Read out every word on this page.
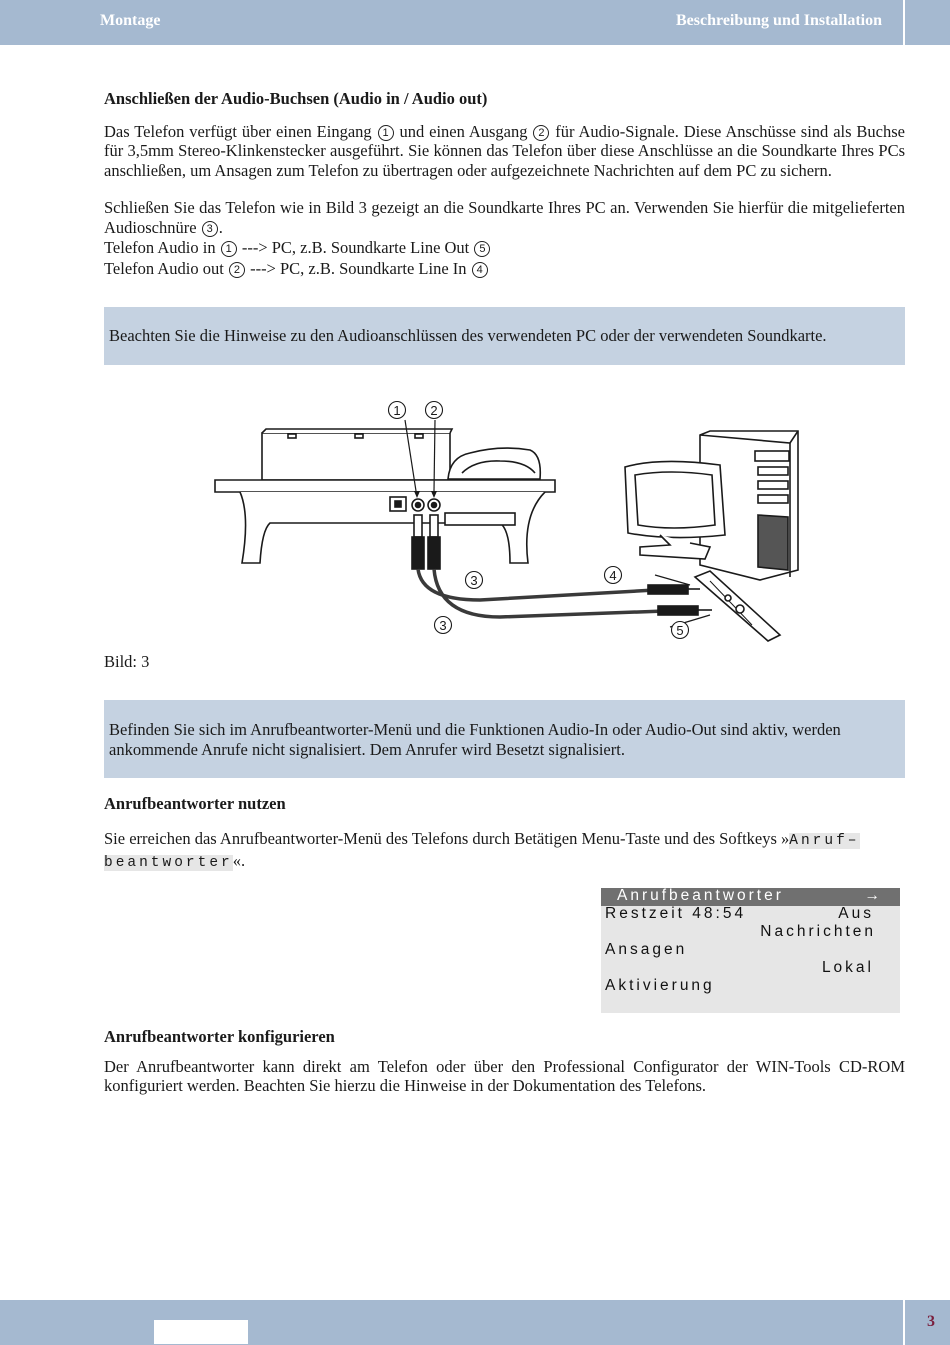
Montage	Beschreibung und Installation
Anschließen der Audio-Buchsen (Audio in / Audio out)

Das Telefon verfügt über einen Eingang 1 und einen Ausgang 2 für Audio-Signale. Diese Anschüsse sind als Buchse für 3,5mm Stereo-Klinkenstecker ausgeführt. Sie können das Telefon über diese Anschlüsse an die Soundkarte Ihres PCs anschließen, um Ansagen zum Telefon zu übertragen oder aufgezeichnete Nachrichten auf dem PC zu sichern.

Schließen Sie das Telefon wie in Bild 3 gezeigt an die Soundkarte Ihres PC an. Verwenden Sie hierfür die mitgelieferten Audioschnüre 3 .

Telefon Audio in 1 ---> PC, z.B. Soundkarte Line Out 5
Telefon Audio out 2 ---> PC, z.B. Soundkarte Line In 4
Beachten Sie die Hinweise zu den Audioanschlüssen des verwendeten PC oder der verwendeten Soundkarte.
1 2
3
3
4
5
Bild: 3
Befinden Sie sich im Anrufbeantworter-Menü und die Funktionen Audio-In oder Audio-Out sind aktiv, werden ankommende Anrufe nicht signalisiert. Dem Anrufer wird Besetzt signalisiert.
Anrufbeantworter nutzen

Sie erreichen das Anrufbeantworter-Menü des Telefons durch Betätigen Menu-Taste und des Softkeys »Anruf–
beantworter«.

Anrufbeantworter	→
Restzeit 48:54	Aus
Nachrichten
Ansagen
Lokal
Aktivierung
Anrufbeantworter konfigurieren

Der Anrufbeantworter kann direkt am Telefon oder über den Professional Configurator der WIN-Tools CD-ROM konfiguriert werden. Beachten Sie hierzu die Hinweise in der Dokumentation des Telefons.

3
